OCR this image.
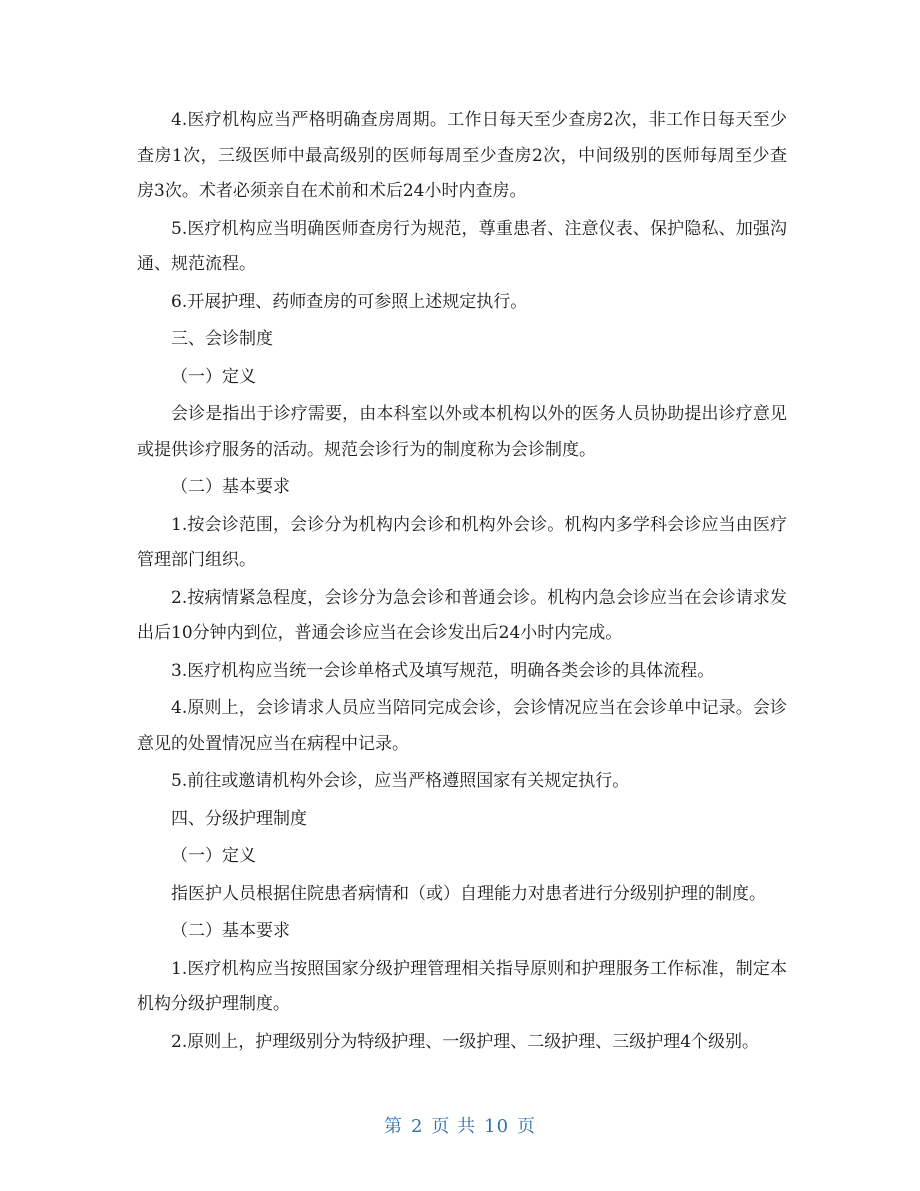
4.医疗机构应当严格明确查房周期。工作日每天至少查房2次，非工作日每天至少查房1次，三级医师中最高级别的医师每周至少查房2次，中间级别的医师每周至少查房3次。术者必须亲自在术前和术后24小时内查房。

5.医疗机构应当明确医师查房行为规范，尊重患者、注意仪表、保护隐私、加强沟通、规范流程。

6.开展护理、药师查房的可参照上述规定执行。

三、会诊制度

（一）定义

会诊是指出于诊疗需要，由本科室以外或本机构以外的医务人员协助提出诊疗意见或提供诊疗服务的活动。规范会诊行为的制度称为会诊制度。

（二）基本要求

1.按会诊范围，会诊分为机构内会诊和机构外会诊。机构内多学科会诊应当由医疗管理部门组织。

2.按病情紧急程度，会诊分为急会诊和普通会诊。机构内急会诊应当在会诊请求发出后10分钟内到位，普通会诊应当在会诊发出后24小时内完成。

3.医疗机构应当统一会诊单格式及填写规范，明确各类会诊的具体流程。

4.原则上，会诊请求人员应当陪同完成会诊，会诊情况应当在会诊单中记录。会诊意见的处置情况应当在病程中记录。

5.前往或邀请机构外会诊，应当严格遵照国家有关规定执行。

四、分级护理制度

（一）定义

指医护人员根据住院患者病情和（或）自理能力对患者进行分级别护理的制度。

（二）基本要求

1.医疗机构应当按照国家分级护理管理相关指导原则和护理服务工作标准，制定本机构分级护理制度。

2.原则上，护理级别分为特级护理、一级护理、二级护理、三级护理4个级别。

第 2 页 共 10 页
